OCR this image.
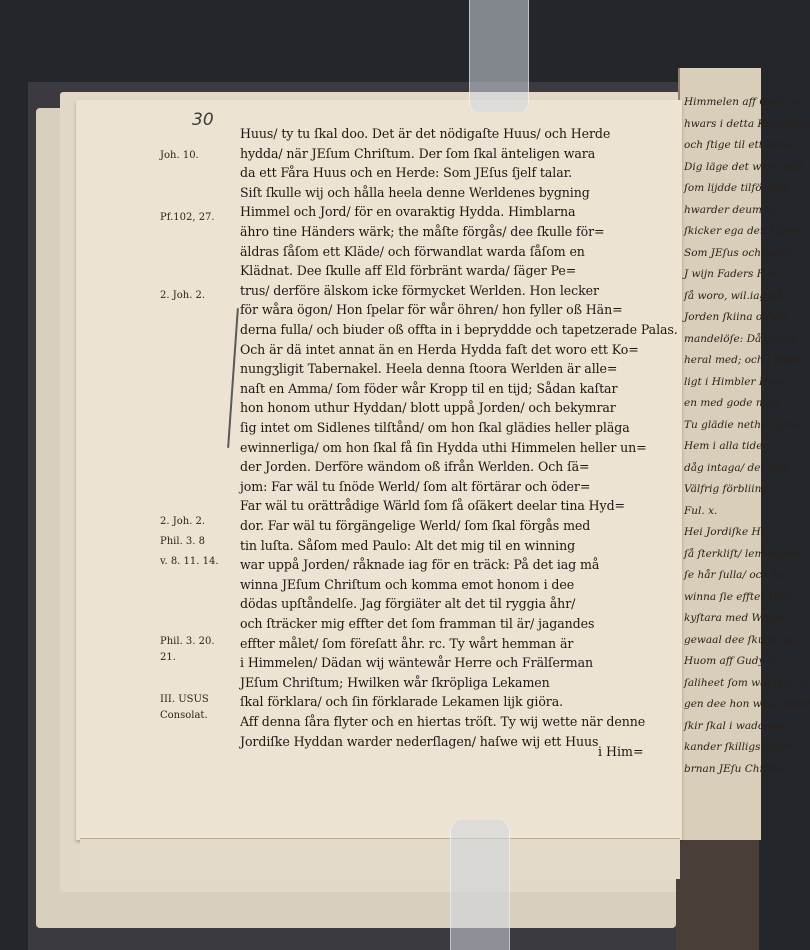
Himmelen aff Gudi bei
hwars i detta Kroonung
och ſtige til ett annat; ſ
Dig läge det wärt wijſt
ſom lijdde tilförſelle
hwarder deum til.
ſkicker ega den Hydd
Som JEſus och talar
J wijn Faders Hun
ſå woro, wil.iag gä
Jorden ſkiina offtall
mandelöſe: Då glädie
heral med; och i ſkälli
ligt i Himbler Huus
en med gode med.
Tu glädie nethan ſöran
Hem i alla tider/ i
dåg intaga/ der ſkja
Välfrig förbliina.
Ful. x.
Hei Jordiſke Ho
ſå ſterkliſt/ lemmaſdle
ſe hår ſulla/ och kar
winna ſie effter HEr
kyſtara med Wingar
gewaal dee ſkulle wa
Huom aff Gudy B
ſaliheet ſom wäl ſkan d
gen dee hon wage helle
ſkir ſkal i wadomen
kander ſkilligs hidan
brnan JEſu Chriſto.
30
Joh. 10.
Pf.102, 27.
2. Joh. 2.
2. Joh. 2.
Phil. 3. 8
v. 8. 11. 14.
Phil. 3. 20.
21.
III. USUS
Consolat.
Huus/ ty tu ſkal doo. Det är det nödigaſte Huus/ och Herde
hydda/ när JEſum Chriſtum. Der ſom ſkal änteligen wara
da ett Fåra Huus och en Herde: Som JEſus ſjelf talar.
Siſt ſkulle wij och hålla heela denne Werldenes bygning
Himmel och Jord/ för en ovaraktig Hydda. Himblarna
ähro tine Händers wärk; the måſte förgås/ dee ſkulle för=
äldras ſåſom ett Kläde/ och förwandlat warda ſåſom en
Klädnat. Dee ſkulle aff Eld förbränt warda/ ſäger Pe=
trus/ derföre älskom icke förmycket Werlden. Hon lecker
för wåra ögon/ Hon ſpelar för wår öhren/ hon fyller oß Hän=
derna fulla/ och biuder oß offta in i bepryddde och tapetzerade Palas.
Och är dä intet annat än en Herda Hydda faſt det woro ett Ko=
nungʒligit Tabernakel. Heela denna ſtoora Werlden är alle=
naſt en Amma/ ſom föder wår Kropp til en tijd; Sådan kaſtar
hon honom uthur Hyddan/ blott uppå Jorden/ och bekymrar
ſig intet om Sidlenes tilſtånd/ om hon ſkal glädies heller pläga
ewinnerliga/ om hon ſkal få ſin Hydda uthi Himmelen heller un=
der Jorden. Derföre wändom oß ifrån Werlden. Och ſä=
jom: Far wäl tu ſnöde Werld/ ſom alt förtärar och öder=
Far wäl tu orättrådige Wärld ſom ſå oſäkert deelar tina Hyd=
dor. Far wäl tu förgängelige Werld/ ſom ſkal förgås med
tin luſta. Såſom med Paulo: Alt det mig til en winning
war uppå Jorden/ råknade iag för en träck: På det iag må
winna JEſum Chriſtum och komma emot honom i dee
dödas upſtåndelſe. Jag förgiäter alt det til ryggia åhr/
och ſträcker mig effter det ſom framman til är/ jagandes
effter målet/ ſom föreſatt åhr. rc. Ty wårt hemman är
i Himmelen/ Dädan wij wäntewår Herre och Frälſerman
JEſum Chriſtum; Hwilken wår ſkröpliga Lekamen
ſkal förklara/ och ſin förklarade Lekamen lijk giöra.
Aff denna ſåra flyter och en hiertas tröſt. Ty wij wette när denne
Jordiſke Hyddan warder nederſlagen/ haſwe wij ett Huus
i Him=
